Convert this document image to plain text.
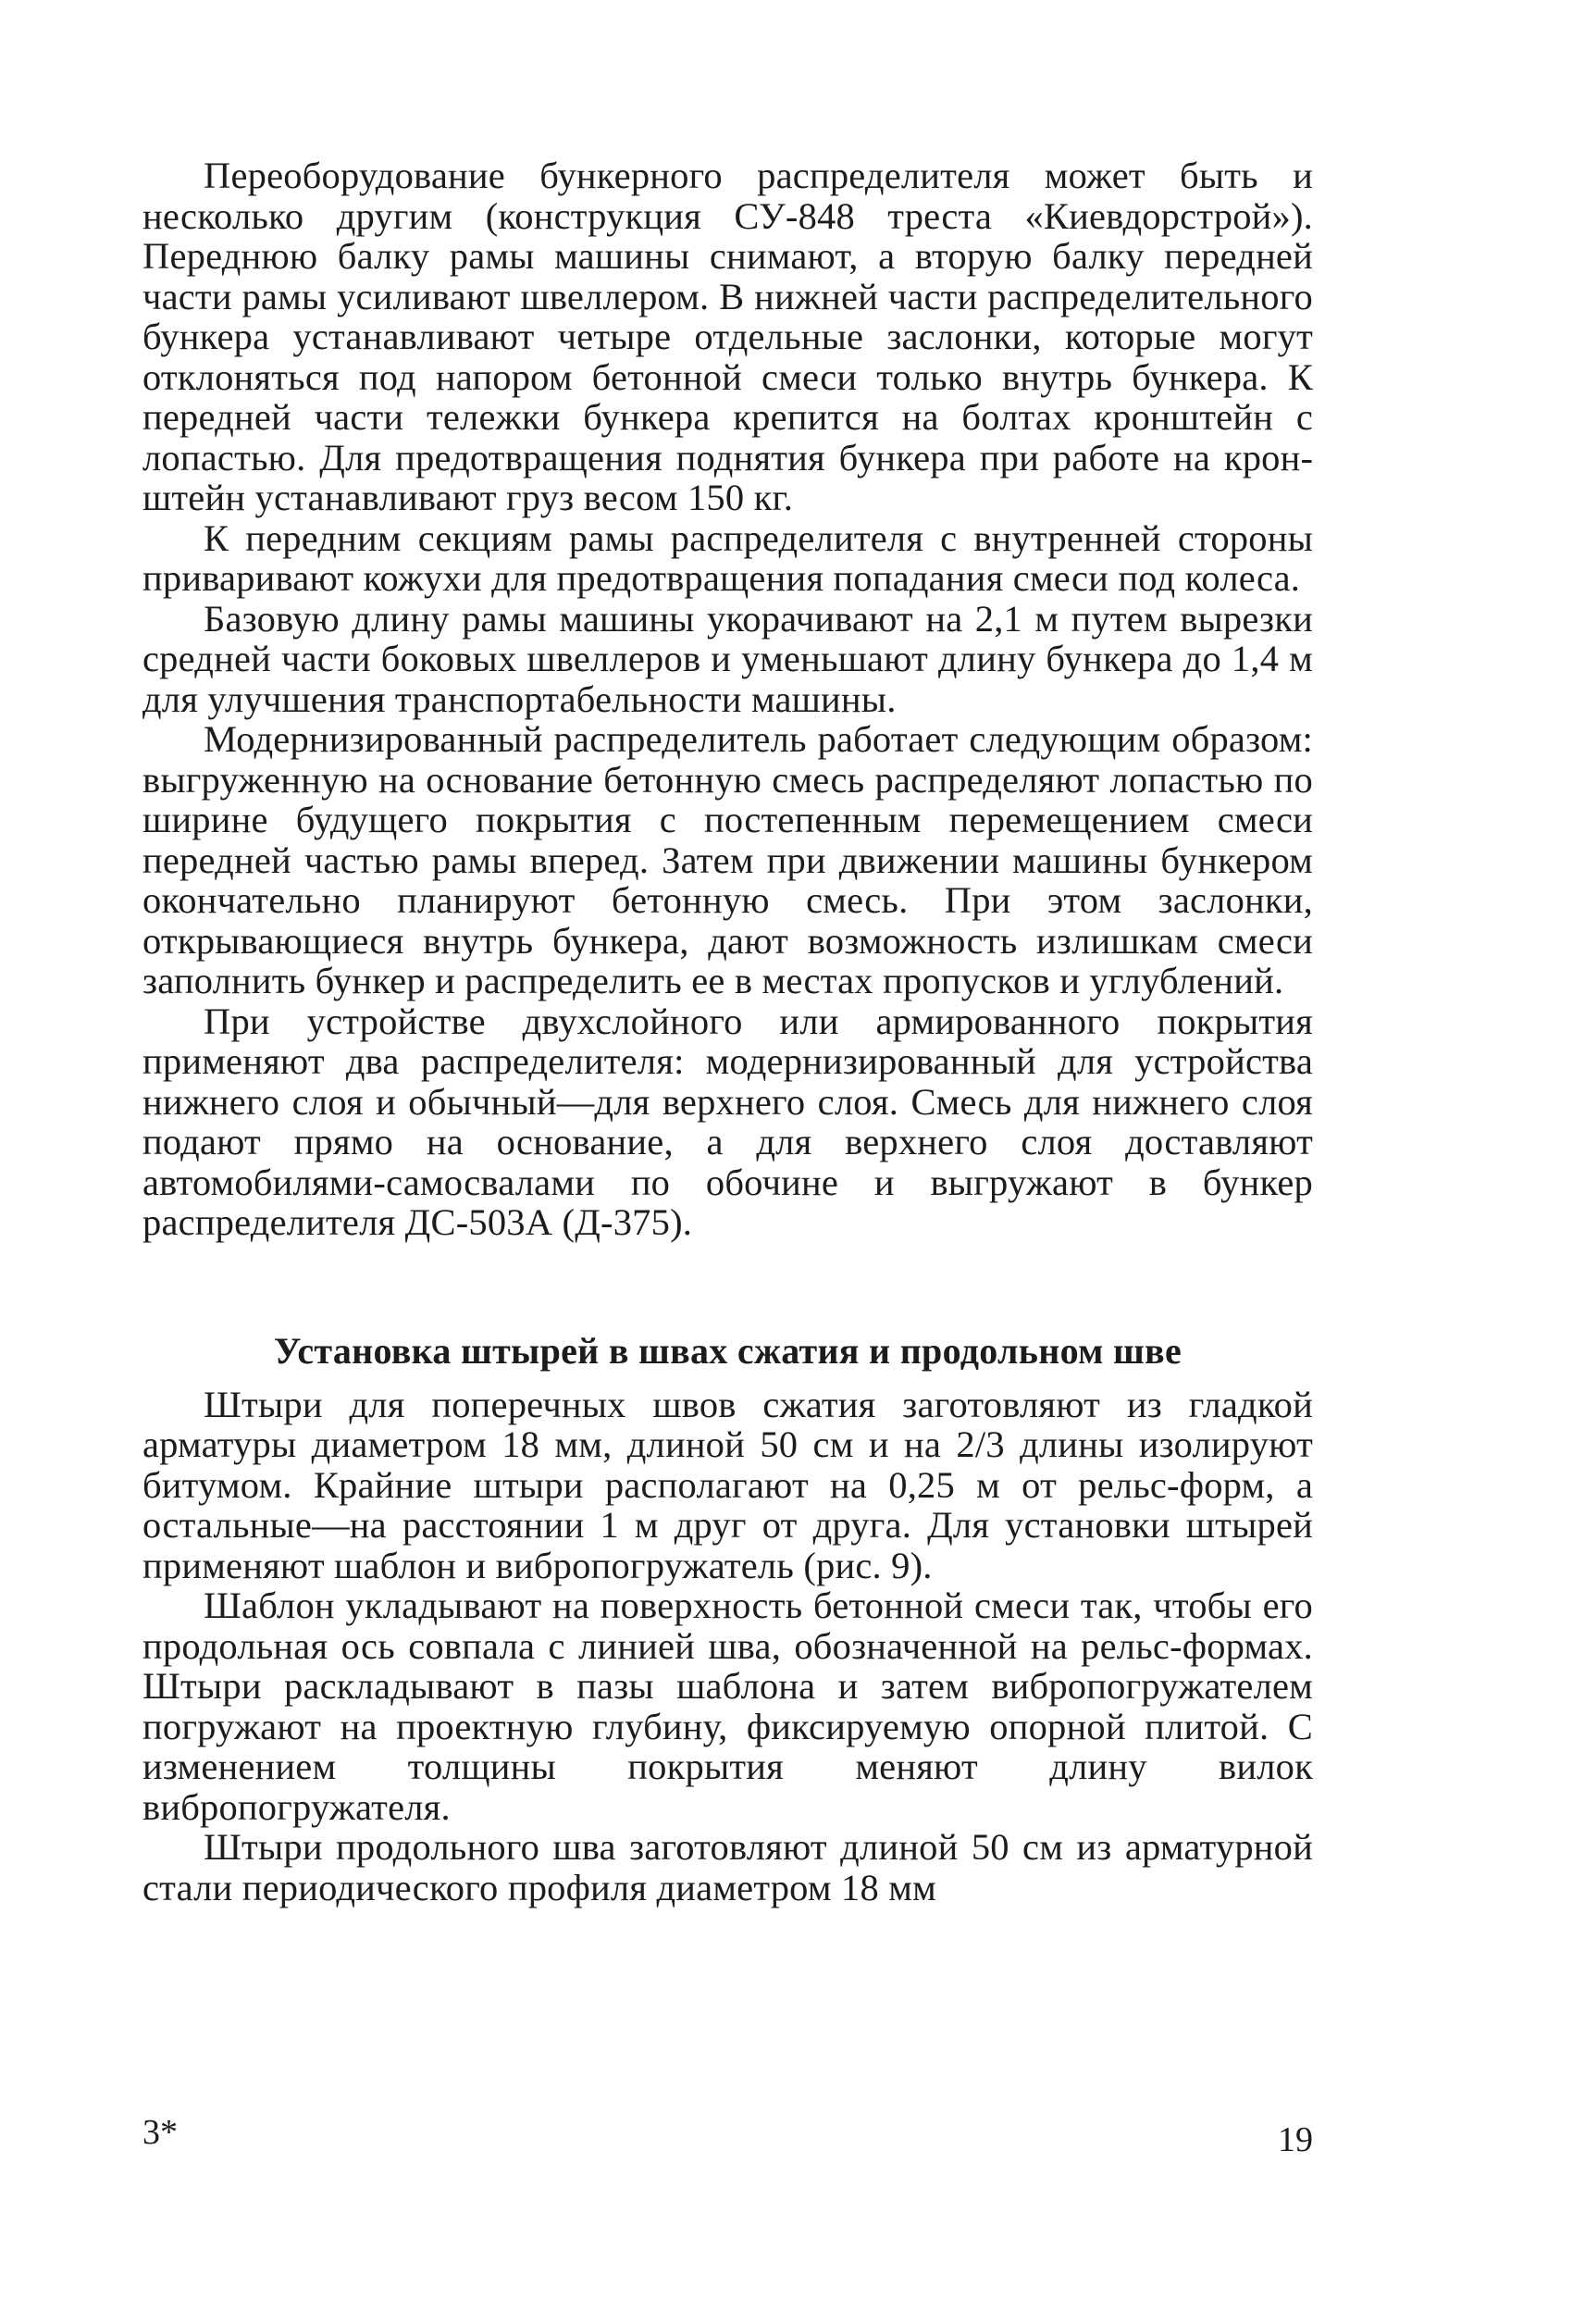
Переоборудование бункерного распределителя может быть и несколько другим (конструкция СУ-848 треста «Киевдорстрой»). Переднюю балку рамы машины снимают, а вторую балку передней части рамы усиливают швеллером. В нижней части распределительного бункера устанавливают четыре отдельные заслонки, которые могут отклоняться под напором бетонной смеси только внутрь бункера. К передней части тележки бункера крепится на болтах кронштейн с лопастью. Для предотвращения поднятия бункера при работе на кронштейн устанавливают груз весом 150 кг.

К передним секциям рамы распределителя с внутренней стороны приваривают кожухи для предотвращения попадания смеси под колеса.

Базовую длину рамы машины укорачивают на 2,1 м путем вырезки средней части боковых швеллеров и уменьшают длину бункера до 1,4 м для улучшения транспортабельности машины.

Модернизированный распределитель работает следующим образом: выгруженную на основание бетонную смесь распределяют лопастью по ширине будущего покрытия с постепенным перемещением смеси передней частью рамы вперед. Затем при движении машины бункером окончательно планируют бетонную смесь. При этом заслонки, открывающиеся внутрь бункера, дают возможность излишкам смеси заполнить бункер и распределить ее в местах пропусков и углублений.

При устройстве двухслойного или армированного покрытия применяют два распределителя: модернизированный для устройства нижнего слоя и обычный—для верхнего слоя. Смесь для нижнего слоя подают прямо на основание, а для верхнего слоя доставляют автомобилями-самосвалами по обочине и выгружают в бункер распределителя ДС-503А (Д-375).

Установка штырей в швах сжатия и продольном шве

Штыри для поперечных швов сжатия заготовляют из гладкой арматуры диаметром 18 мм, длиной 50 см и на 2/3 длины изолируют битумом. Крайние штыри располагают на 0,25 м от рельс-форм, а остальные—на расстоянии 1 м друг от друга. Для установки штырей применяют шаблон и вибропогружатель (рис. 9).

Шаблон укладывают на поверхность бетонной смеси так, чтобы его продольная ось совпала с линией шва, обозначенной на рельс-формах. Штыри раскладывают в пазы шаблона и затем вибропогружателем погружают на проектную глубину, фиксируемую опорной плитой. С изменением толщины покрытия меняют длину вилок вибропогружателя.

Штыри продольного шва заготовляют длиной 50 см из арматурной стали периодического профиля диаметром 18 мм

3*	19
